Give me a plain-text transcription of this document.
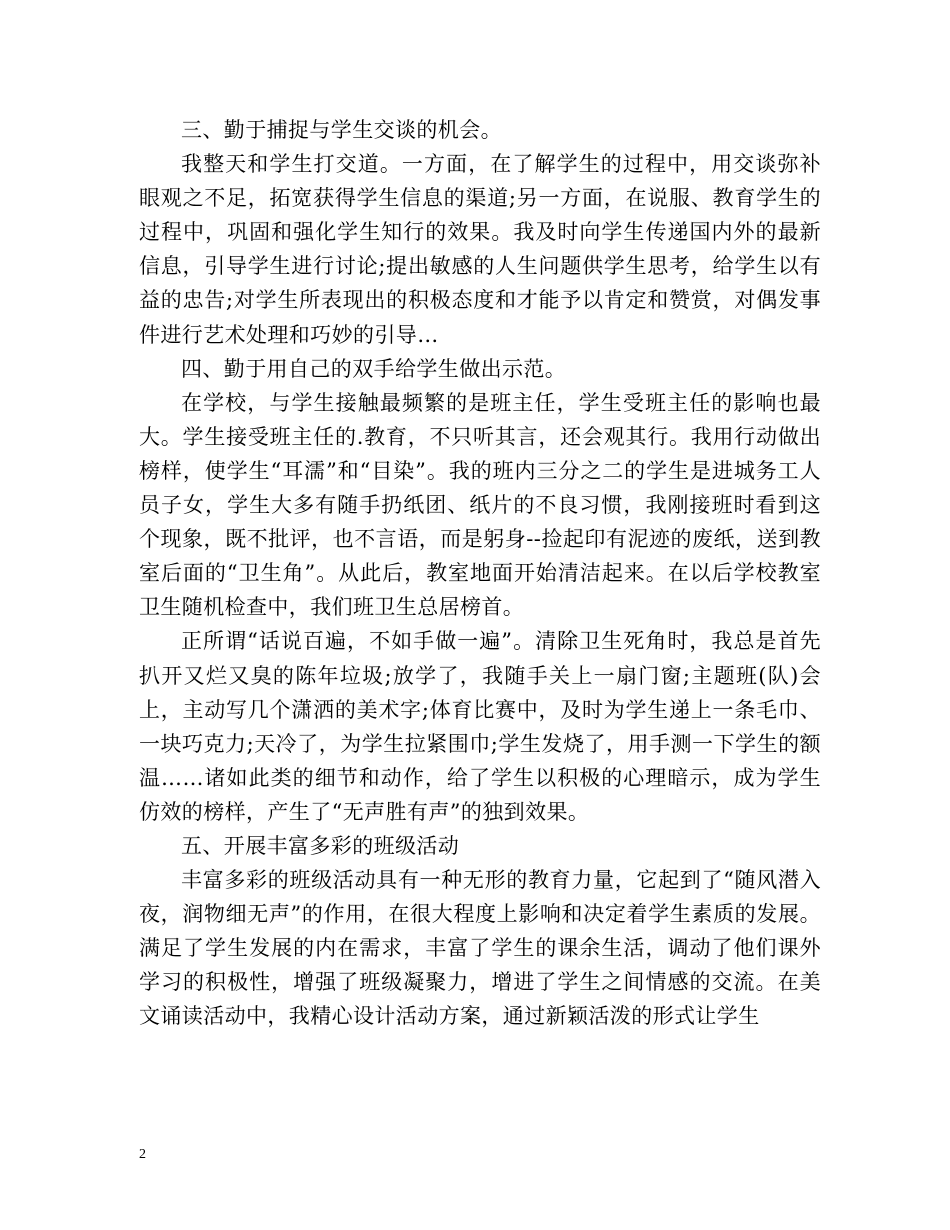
三、勤于捕捉与学生交谈的机会。

我整天和学生打交道。一方面，在了解学生的过程中，用交谈弥补眼观之不足，拓宽获得学生信息的渠道;另一方面，在说服、教育学生的过程中，巩固和强化学生知行的效果。我及时向学生传递国内外的最新信息，引导学生进行讨论;提出敏感的人生问题供学生思考，给学生以有益的忠告;对学生所表现出的积极态度和才能予以肯定和赞赏，对偶发事件进行艺术处理和巧妙的引导…

四、勤于用自己的双手给学生做出示范。

在学校，与学生接触最频繁的是班主任，学生受班主任的影响也最大。学生接受班主任的.教育，不只听其言，还会观其行。我用行动做出榜样，使学生“耳濡”和“目染”。我的班内三分之二的学生是进城务工人员子女，学生大多有随手扔纸团、纸片的不良习惯，我刚接班时看到这个现象，既不批评，也不言语，而是躬身--捡起印有泥迹的废纸，送到教室后面的“卫生角”。从此后，教室地面开始清洁起来。在以后学校教室卫生随机检查中，我们班卫生总居榜首。

正所谓“话说百遍，不如手做一遍”。清除卫生死角时，我总是首先扒开又烂又臭的陈年垃圾;放学了，我随手关上一扇门窗;主题班(队)会上，主动写几个潇洒的美术字;体育比赛中，及时为学生递上一条毛巾、一块巧克力;天冷了，为学生拉紧围巾;学生发烧了，用手测一下学生的额温……诸如此类的细节和动作，给了学生以积极的心理暗示，成为学生仿效的榜样，产生了“无声胜有声”的独到效果。

五、开展丰富多彩的班级活动

丰富多彩的班级活动具有一种无形的教育力量，它起到了“随风潜入夜，润物细无声”的作用，在很大程度上影响和决定着学生素质的发展。满足了学生发展的内在需求，丰富了学生的课余生活，调动了他们课外学习的积极性，增强了班级凝聚力，增进了学生之间情感的交流。在美文诵读活动中，我精心设计活动方案，通过新颖活泼的形式让学生

2
